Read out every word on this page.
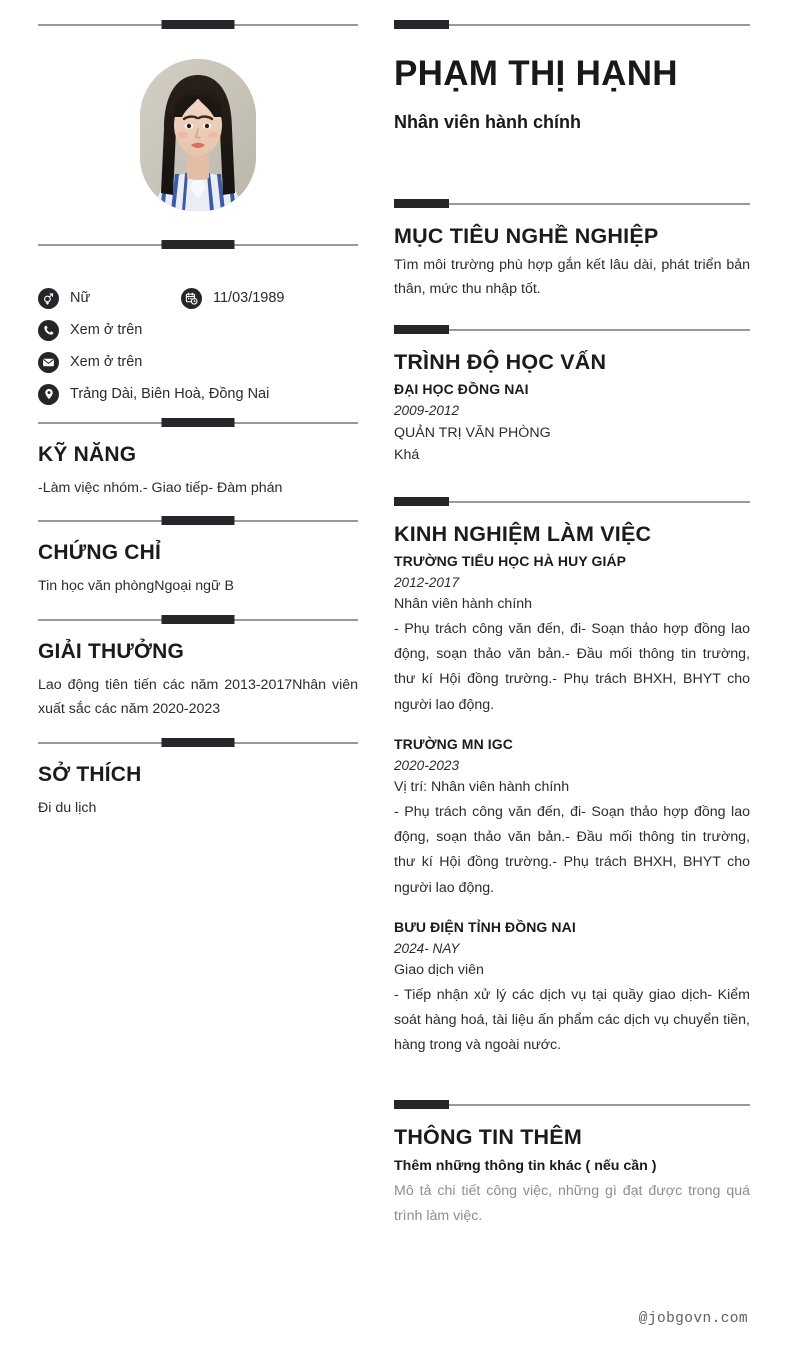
Nữ	11/03/1989
Xem ở trên
Xem ở trên
Trảng Dài, Biên Hoà, Đồng Nai
KỸ NĂNG

-Làm việc nhóm.- Giao tiếp- Đàm phán

CHỨNG CHỈ

Tin học văn phòngNgoại ngữ B

GIẢI THƯỞNG

Lao động tiên tiến các năm 2013-2017Nhân viên xuất sắc các năm 2020-2023

SỞ THÍCH

Đi du lịch

PHẠM THỊ HẠNH
Nhân viên hành chính
MỤC TIÊU NGHỀ NGHIỆP

Tìm môi trường phù hợp gắn kết lâu dài, phát triển bản thân, mức thu nhập tốt.

TRÌNH ĐỘ HỌC VẤN
ĐẠI HỌC ĐỒNG NAI
2009-2012
QUẢN TRỊ VĂN PHÒNG
Khá
KINH NGHIỆM LÀM VIỆC
TRƯỜNG TIỂU HỌC HÀ HUY GIÁP
2012-2017
Nhân viên hành chính
- Phụ trách công văn đến, đi- Soạn thảo hợp đồng lao động, soạn thảo văn bản.- Đầu mối thông tin trường, thư kí Hội đồng trường.- Phụ trách BHXH, BHYT cho người lao động.
TRƯỜNG MN IGC
2020-2023
Vị trí: Nhân viên hành chính
- Phụ trách công văn đến, đi- Soạn thảo hợp đồng lao động, soạn thảo văn bản.- Đầu mối thông tin trường, thư kí Hội đồng trường.- Phụ trách BHXH, BHYT cho người lao động.
BƯU ĐIỆN TỈNH ĐỒNG NAI
2024- NAY
Giao dịch viên
- Tiếp nhận xử lý các dịch vụ tại quầy giao dịch- Kiểm soát hàng hoá, tài liệu ấn phẩm các dịch vụ chuyển tiền, hàng trong và ngoài nước.
THÔNG TIN THÊM
Thêm những thông tin khác ( nếu cần )
Mô tả chi tiết công việc, những gì đạt được trong quá trình làm việc.
@jobgovn.com
